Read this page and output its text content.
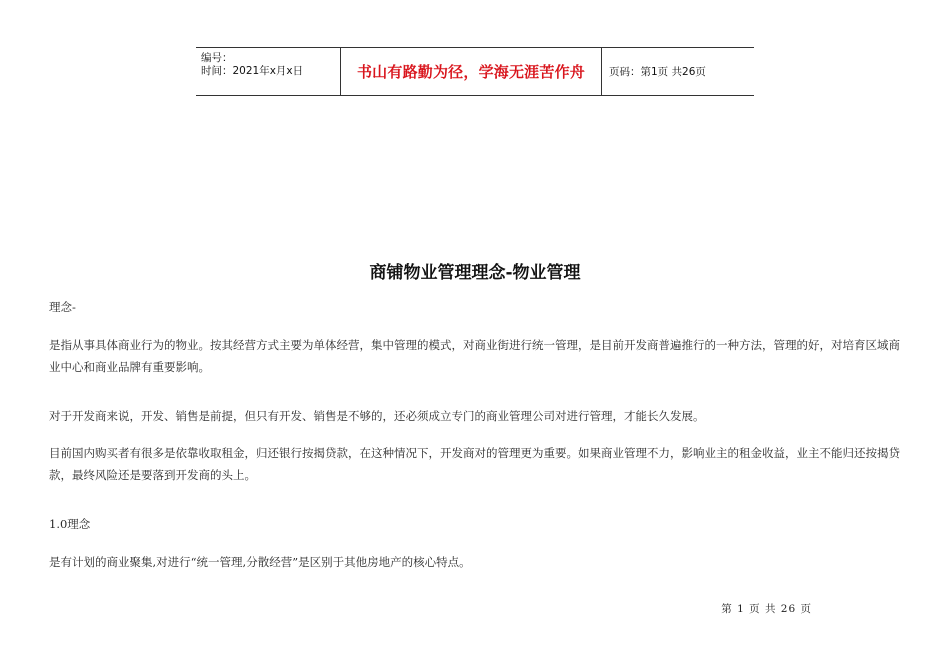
编号：
时间：2021年x月x日	书山有路勤为径，学海无涯苦作舟 页码：第1页 共26页
商铺物业管理理念-物业管理

理念-

是指从事具体商业行为的物业。按其经营方式主要为单体经营，集中管理的模式，对商业街进行统一管理，是目前开发商普遍推行的一种方法，管理的好，对培育区域商业中心和商业品牌有重要影响。

对于开发商来说，开发、销售是前提，但只有开发、销售是不够的，还必须成立专门的商业管理公司对进行管理，才能长久发展。

目前国内购买者有很多是依靠收取租金，归还银行按揭贷款，在这种情况下，开发商对的管理更为重要。如果商业管理不力，影响业主的租金收益，业主不能归还按揭贷款，最终风险还是要落到开发商的头上。

1.0理念

是有计划的商业聚集,对进行“统一管理,分散经营”是区别于其他房地产的核心特点。

第 1 页 共 26 页
